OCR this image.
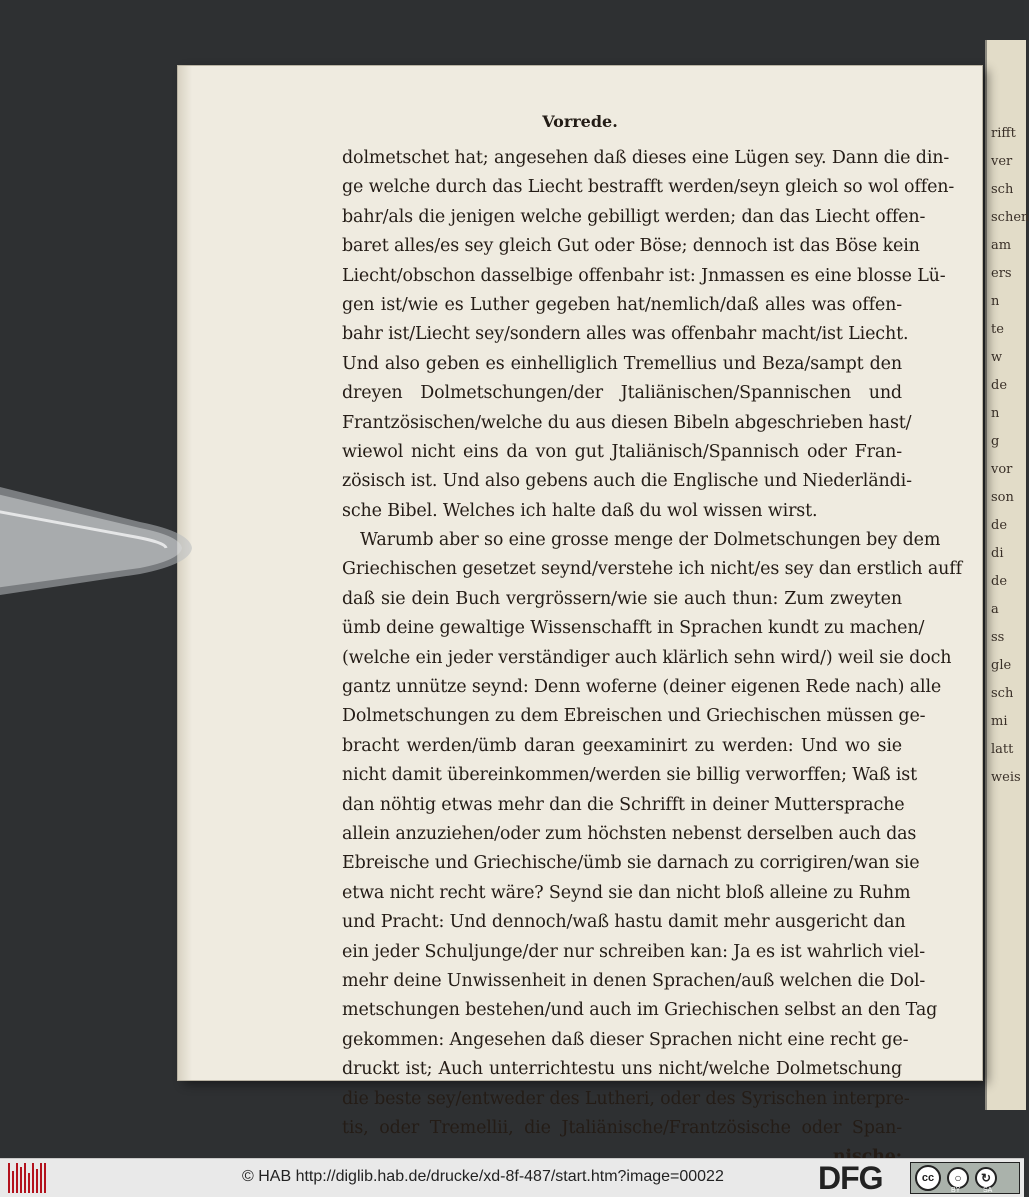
rifft
ver
sch
schen
am
ers
n
te
w
de
n
g
vor
son
de
di
de
a
ss
gle
sch
mi
latt
weis
Vorrede.
dolmetschet hat; angesehen daß dieses eine Lügen sey. Dann die din-
ge welche durch das Liecht bestrafft werden/seyn gleich so wol offen-
bahr/als die jenigen welche gebilligt werden; dan das Liecht offen-
baret alles/es sey gleich Gut oder Böse; dennoch ist das Böse kein
Liecht/obschon dasselbige offenbahr ist: Jnmassen es eine blosse Lü-
gen ist/wie es Luther gegeben hat/nemlich/daß alles was offen-
bahr ist/Liecht sey/sondern alles was offenbahr macht/ist Liecht.
Und also geben es einhelliglich Tremellius und Beza/sampt den
dreyen Dolmetschungen/der Jtaliänischen/Spannischen und
Frantzösischen/welche du aus diesen Bibeln abgeschrieben hast/
wiewol nicht eins da von gut Jtaliänisch/Spannisch oder Fran-
zösisch ist. Und also gebens auch die Englische und Niederländi-
sche Bibel. Welches ich halte daß du wol wissen wirst.
Warumb aber so eine grosse menge der Dolmetschungen bey dem
Griechischen gesetzet seynd/verstehe ich nicht/es sey dan erstlich auff
daß sie dein Buch vergrössern/wie sie auch thun: Zum zweyten
ümb deine gewaltige Wissenschafft in Sprachen kundt zu machen/
(welche ein jeder verständiger auch klärlich sehn wird/) weil sie doch
gantz unnütze seynd: Denn woferne (deiner eigenen Rede nach) alle
Dolmetschungen zu dem Ebreischen und Griechischen müssen ge-
bracht werden/ümb daran geexaminirt zu werden: Und wo sie
nicht damit übereinkommen/werden sie billig verworffen; Waß ist
dan nöhtig etwas mehr dan die Schrifft in deiner Muttersprache
allein anzuziehen/oder zum höchsten nebenst derselben auch das
Ebreische und Griechische/ümb sie darnach zu corrigiren/wan sie
etwa nicht recht wäre? Seynd sie dan nicht bloß alleine zu Ruhm
und Pracht: Und dennoch/waß hastu damit mehr ausgericht dan
ein jeder Schuljunge/der nur schreiben kan: Ja es ist wahrlich viel-
mehr deine Unwissenheit in denen Sprachen/auß welchen die Dol-
metschungen bestehen/und auch im Griechischen selbst an den Tag
gekommen: Angesehen daß dieser Sprachen nicht eine recht ge-
druckt ist; Auch unterrichtestu uns nicht/welche Dolmetschung
die beste sey/entweder des Lutheri, oder des Syrischen interpre-
tis, oder Tremellii, die Jtaliänische/Frantzösische oder Span-
© HAB http://diglib.hab.de/drucke/xd-8f-487/start.htm?image=00022	DFG	cc	○	↻
BY	SA
